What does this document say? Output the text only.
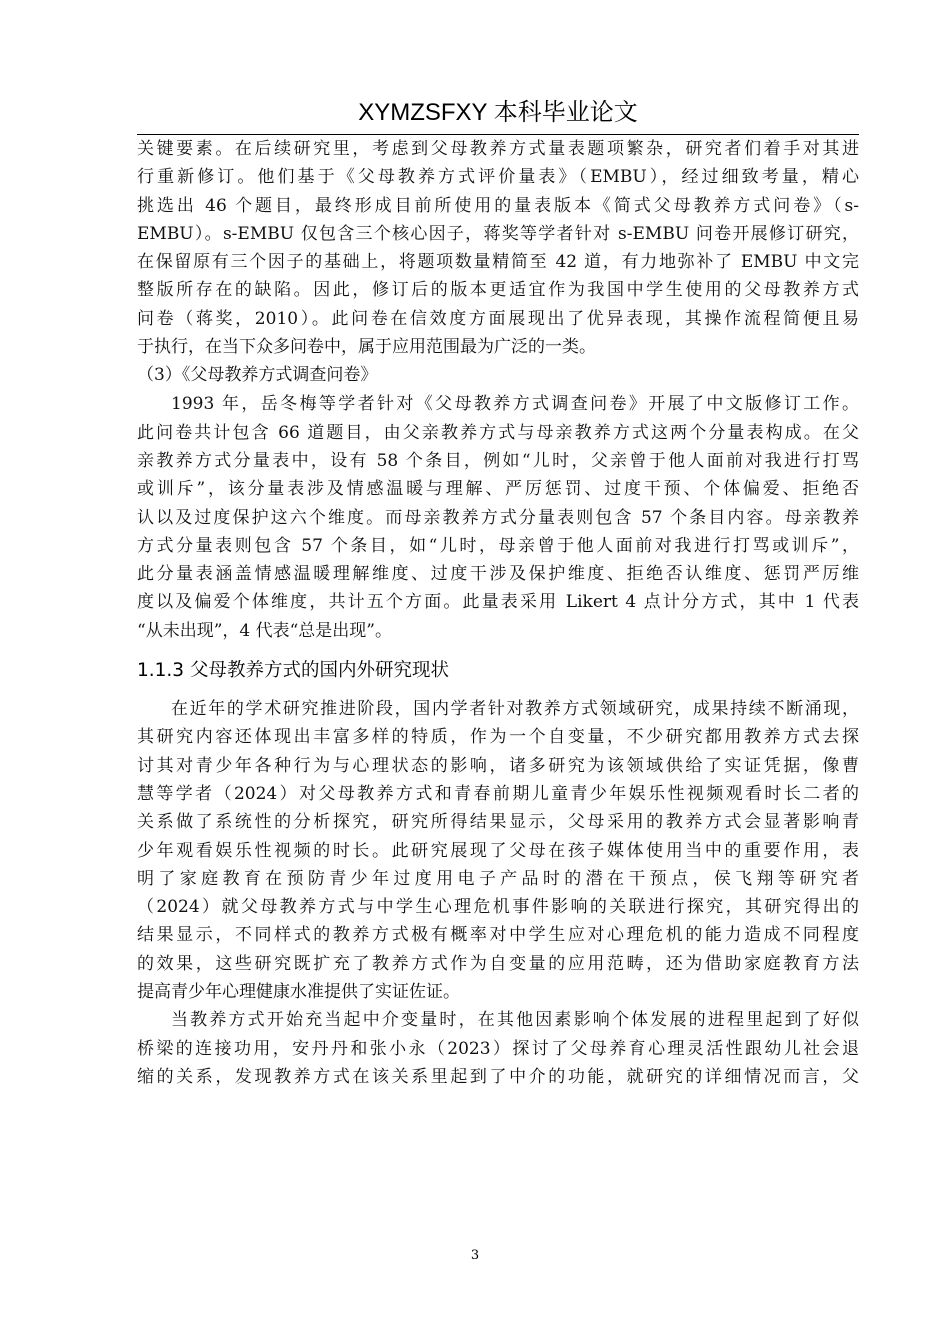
XYMZSFXY 本科毕业论文
关键要素。在后续研究里，考虑到父母教养方式量表题项繁杂，研究者们着手对其进
行重新修订。他们基于《父母教养方式评价量表》（EMBU），经过细致考量，精心
挑选出 46 个题目，最终形成目前所使用的量表版本《简式父母教养方式问卷》（s-
EMBU）。s-EMBU 仅包含三个核心因子，蒋奖等学者针对 s-EMBU 问卷开展修订研究，
在保留原有三个因子的基础上，将题项数量精简至 42 道，有力地弥补了 EMBU 中文完
整版所存在的缺陷。因此，修订后的版本更适宜作为我国中学生使用的父母教养方式
问卷（蒋奖，2010）。此问卷在信效度方面展现出了优异表现，其操作流程简便且易
于执行，在当下众多问卷中，属于应用范围最为广泛的一类。
（3）《父母教养方式调查问卷》
1993 年，岳冬梅等学者针对《父母教养方式调查问卷》开展了中文版修订工作。
此问卷共计包含 66 道题目，由父亲教养方式与母亲教养方式这两个分量表构成。在父
亲教养方式分量表中，设有 58 个条目，例如“儿时，父亲曾于他人面前对我进行打骂
或训斥”，该分量表涉及情感温暖与理解、严厉惩罚、过度干预、个体偏爱、拒绝否
认以及过度保护这六个维度。而母亲教养方式分量表则包含 57 个条目内容。母亲教养
方式分量表则包含 57 个条目，如“儿时，母亲曾于他人面前对我进行打骂或训斥”，
此分量表涵盖情感温暖理解维度、过度干涉及保护维度、拒绝否认维度、惩罚严厉维
度以及偏爱个体维度，共计五个方面。此量表采用 Likert 4 点计分方式，其中 1 代表
“从未出现”，4 代表“总是出现”。
1.1.3 父母教养方式的国内外研究现状
在近年的学术研究推进阶段，国内学者针对教养方式领域研究，成果持续不断涌现，
其研究内容还体现出丰富多样的特质，作为一个自变量，不少研究都用教养方式去探
讨其对青少年各种行为与心理状态的影响，诸多研究为该领域供给了实证凭据，像曹
慧等学者（2024）对父母教养方式和青春前期儿童青少年娱乐性视频观看时长二者的
关系做了系统性的分析探究，研究所得结果显示，父母采用的教养方式会显著影响青
少年观看娱乐性视频的时长。此研究展现了父母在孩子媒体使用当中的重要作用，表
明了家庭教育在预防青少年过度用电子产品时的潜在干预点，侯飞翔等研究者
（2024）就父母教养方式与中学生心理危机事件影响的关联进行探究，其研究得出的
结果显示，不同样式的教养方式极有概率对中学生应对心理危机的能力造成不同程度
的效果，这些研究既扩充了教养方式作为自变量的应用范畴，还为借助家庭教育方法
提高青少年心理健康水准提供了实证佐证。
当教养方式开始充当起中介变量时，在其他因素影响个体发展的进程里起到了好似
桥梁的连接功用，安丹丹和张小永（2023）探讨了父母养育心理灵活性跟幼儿社会退
缩的关系，发现教养方式在该关系里起到了中介的功能，就研究的详细情况而言，父
3
